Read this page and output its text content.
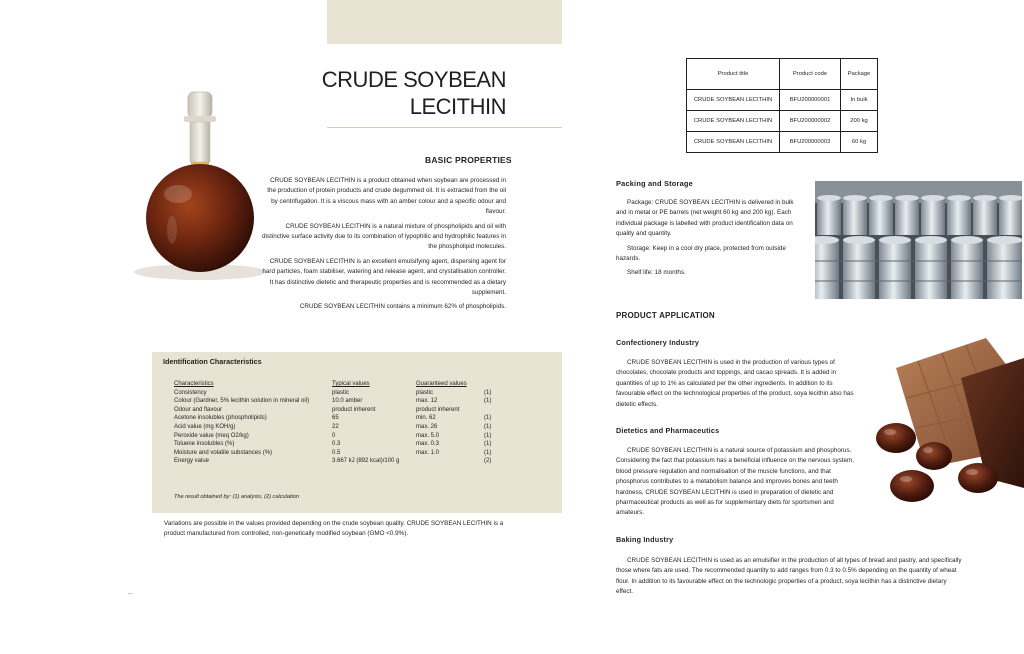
CRUDE SOYBEAN
LECITHIN
BASIC PROPERTIES

CRUDE SOYBEAN LECITHIN is a product obtained when soybean are processed in the production of protein products and crude degummed oil. It is extracted from the oil by centrifugation. It is a viscous mass with an amber colour and a specific odour and flavour.

CRUDE SOYBEAN LECITHIN is a natural mixture of phospholipids and oil with distinctive surface activity due to its combination of lypophilic and hydrophilic features in the phospholipid molecules.

CRUDE SOYBEAN LECITHIN is an excellent emulsifying agent, dispersing agent for hard particles, foam stabiliser, watering and release agent, and crystallisation controller. It has distinctive dietetic and therapeutic properties and is recommended as a dietary supplement.

CRUDE SOYBEAN LECITHIN contains a minimum 62% of phospholipids.

Identification Characteristics
Characteristics	Typical values	Guaranteed values	
Consistency	plastic	plastic	(1)
Colour (Gardner, 5% lecithin solution in mineral oil)	10.0 amber	max. 12	(1)
Odour and flavour	product inherent	product inherent	
Acetone insolubles (phospholipids)	65	min. 62	(1)
Acid value (mg KOH/g)	22	max. 26	(1)
Peroxide value (meq O2/kg)	0	max. 5.0	(1)
Toluene insolubles (%)	0.3	max. 0.3	(1)
Moisture and volatile substances (%)	0.5	max. 1.0	(1)
Energy value	3.667 kJ (892 kcal)/100 g		(2)
The result obtained by: (1) analysis, (2) calculation
Variations are possible in the values provided depending on the crude soybean quality. CRUDE SOYBEAN LECITHIN is a product manufactured from controlled, non-genetically modified soybean (GMO <0.9%).
--
Product title	Product code	Package
CRUDE SOYBEAN LECITHIN	BFU200000001	In bulk
CRUDE SOYBEAN LECITHIN	BFU200000002	200 kg
CRUDE SOYBEAN LECITHIN	BFU200000003	60 kg
Packing and Storage

Package: CRUDE SOYBEAN LECITHIN is delivered in bulk and in metal or PE barrels (net weight 60 kg and 200 kg). Each individual package is labelled with product identification data on quality and quantity.

Storage: Keep in a cool dry place, protected from outside hazards.

Shelf life: 18 months.

PRODUCT APPLICATION
Confectionery Industry
CRUDE SOYBEAN LECITHIN is used in the production of various types of chocolates, chocolate products and toppings, and cacao spreads. It is added in quantities of up to 1% as calculated per the other ingredients. In addition to its favourable effect on the technological properties of the product, soya lecithin also has dietetic effects.
Dietetics and Pharmaceutics
CRUDE SOYBEAN LECITHIN is a natural source of potassium and phosphorus. Considering the fact that potassium has a beneficial influence on the nervous system, blood pressure regulation and normalisation of the muscle functions, and that phosphorus contributes to a metabolism balance and improves bones and teeth hardness, CRUDE SOYBEAN LECITHIN is used in preparation of dietetic and pharmaceutical products as well as for supplementary diets for sportsmen and amateurs.
Baking Industry
CRUDE SOYBEAN LECITHIN is used as an emulsifier in the production of all types of bread and pastry, and specifically those where fats are used. The recommended quantity to add ranges from 0.3 to 0.5% depending on the quantity of wheat flour. In addition to its favourable effect on the technologic properties of a product, soya lecithin has a distinctive dietary effect.
